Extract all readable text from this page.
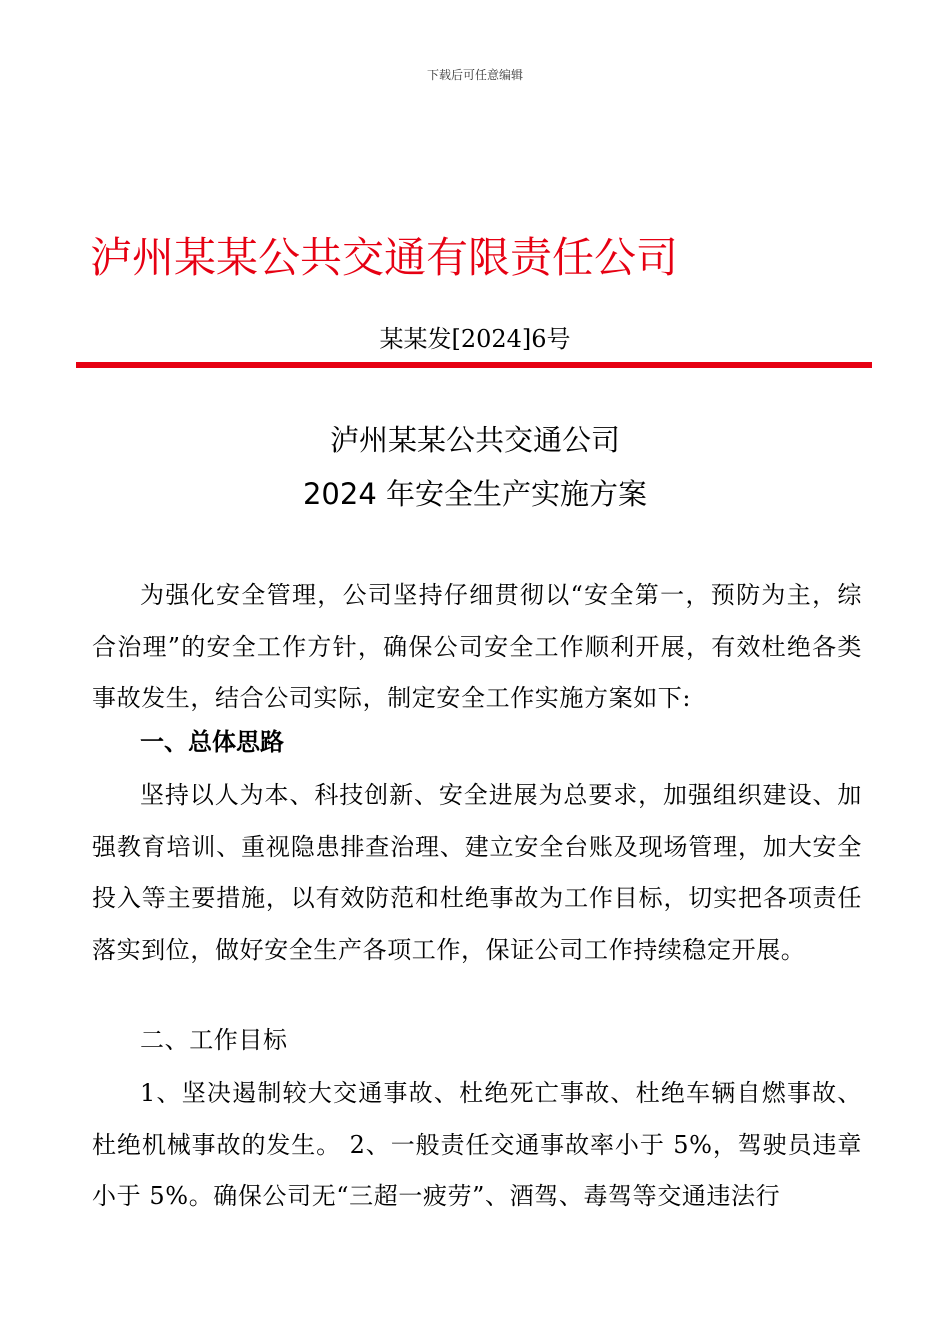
下载后可任意编辑
泸州某某公共交通有限责任公司
某某发[2024]6号
泸州某某公共交通公司
2024 年安全生产实施方案
为强化安全管理，公司坚持仔细贯彻以“安全第一，预防为主，综合治理”的安全工作方针，确保公司安全工作顺利开展，有效杜绝各类事故发生，结合公司实际，制定安全工作实施方案如下:
一、总体思路
坚持以人为本、科技创新、安全进展为总要求，加强组织建设、加强教育培训、重视隐患排查治理、建立安全台账及现场管理，加大安全投入等主要措施，以有效防范和杜绝事故为工作目标，切实把各项责任落实到位，做好安全生产各项工作，保证公司工作持续稳定开展。
二、工作目标
1、坚决遏制较大交通事故、杜绝死亡事故、杜绝车辆自燃事故、杜绝机械事故的发生。 2、一般责任交通事故率小于 5%，驾驶员违章小于 5%。确保公司无“三超一疲劳”、酒驾、毒驾等交通违法行
